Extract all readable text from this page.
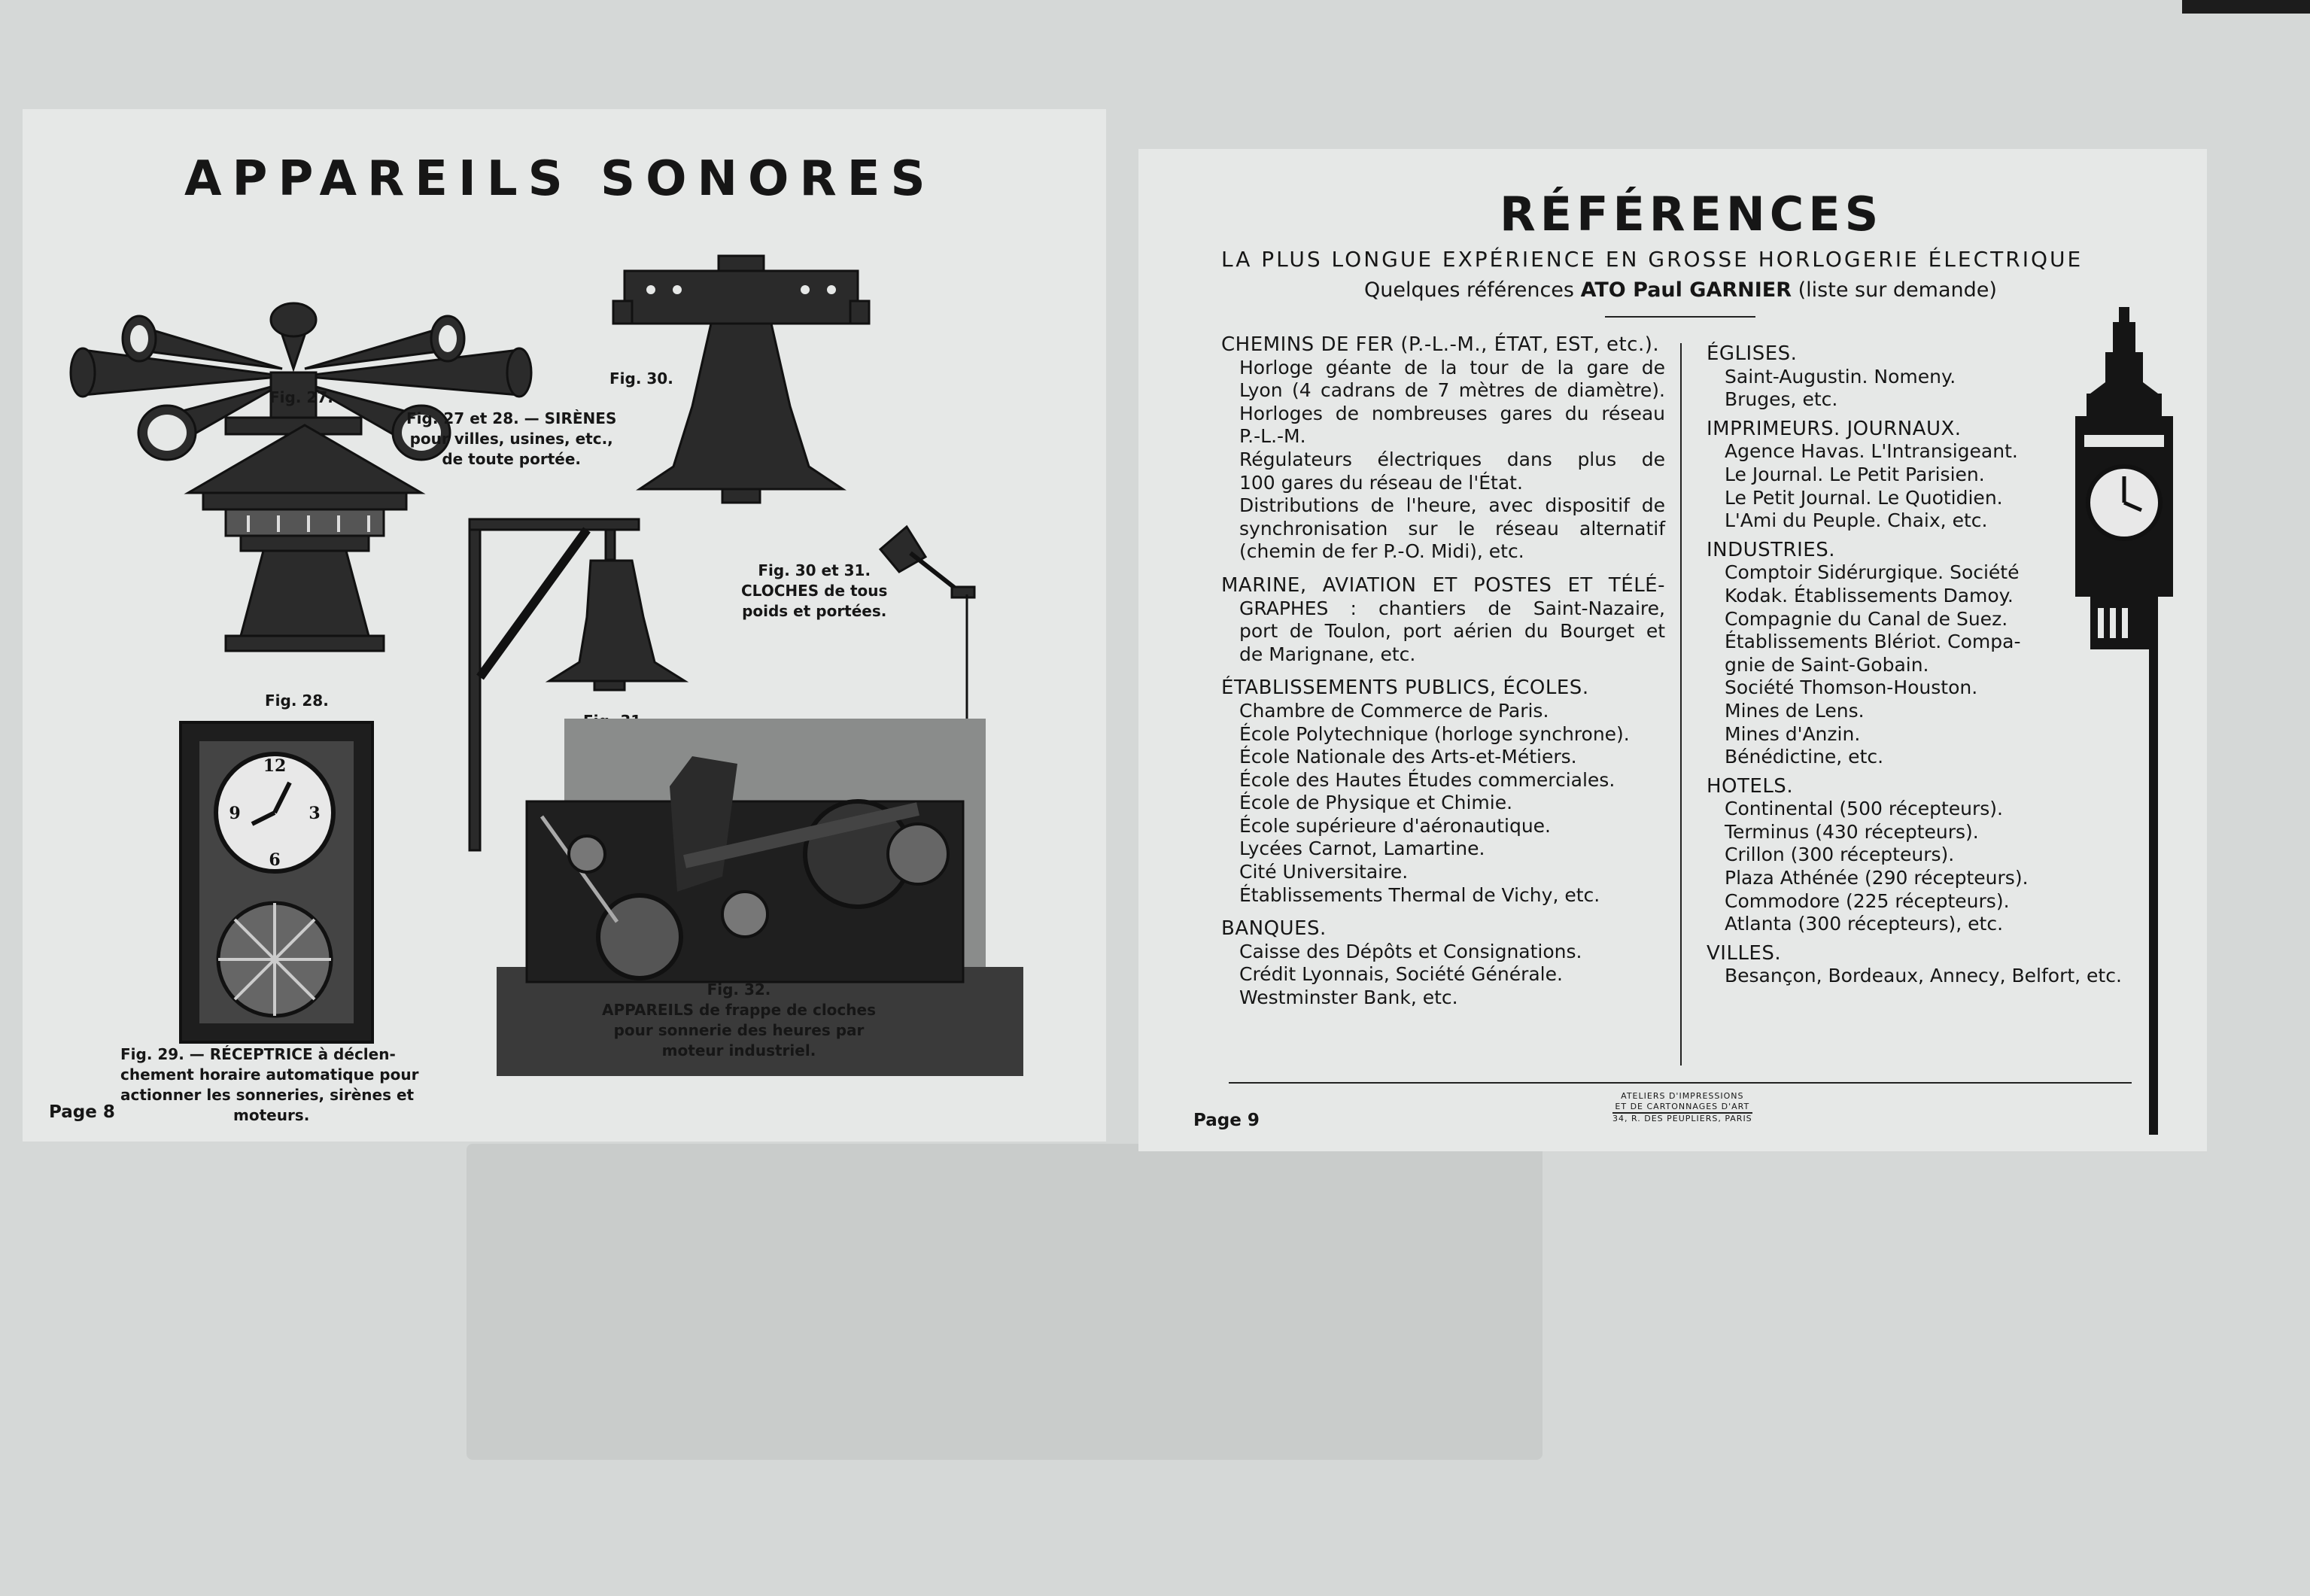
APPAREILS SONORES
Fig. 27.
Fig. 27 et 28. — SIRÈNES
pour villes, usines, etc.,
de toute portée.
Fig. 28.
12
3
6
9
Fig. 29. — RÉCEPTRICE à déclen-
chement horaire automatique pour
actionner les sonneries, sirènes et
moteurs.
Fig. 30.
Fig. 30 et 31.
CLOCHES de tous
poids et portées.
Fig. 32.
APPAREILS de frappe de cloches
pour sonnerie des heures par
moteur industriel.
Page 8
RÉFÉRENCES
LA PLUS LONGUE EXPÉRIENCE EN GROSSE HORLOGERIE ÉLECTRIQUE
Quelques références ATO Paul GARNIER (liste sur demande)
CHEMINS DE FER (P.-L.-M., ÉTAT, EST, etc.).
Horloge géante de la tour de la gare de
Lyon (4 cadrans de 7 mètres de diamètre).
Horloges de nombreuses gares du réseau
P.-L.-M.
Régulateurs électriques dans plus de
100 gares du réseau de l'État.
Distributions de l'heure, avec dispositif de
synchronisation sur le réseau alternatif
(chemin de fer P.-O. Midi), etc.
MARINE, AVIATION ET POSTES ET TÉLÉ-
GRAPHES : chantiers de Saint-Nazaire,
port de Toulon, port aérien du Bourget et
de Marignane, etc.
ÉTABLISSEMENTS PUBLICS, ÉCOLES.
Chambre de Commerce de Paris.
École Polytechnique (horloge synchrone).
École Nationale des Arts-et-Métiers.
École des Hautes Études commerciales.
École de Physique et Chimie.
École supérieure d'aéronautique.
Lycées Carnot, Lamartine.
Cité Universitaire.
Établissements Thermal de Vichy, etc.
BANQUES.
Caisse des Dépôts et Consignations.
Crédit Lyonnais, Société Générale.
Westminster Bank, etc.
ÉGLISES.
Saint-Augustin. Nomeny.
Bruges, etc.
IMPRIMEURS. JOURNAUX.
Agence Havas. L'Intransigeant.
Le Journal. Le Petit Parisien.
Le Petit Journal. Le Quotidien.
L'Ami du Peuple. Chaix, etc.
INDUSTRIES.
Comptoir Sidérurgique. Société
Kodak. Établissements Damoy.
Compagnie du Canal de Suez.
Établissements Blériot. Compa-
gnie de Saint-Gobain.
Société Thomson-Houston.
Mines de Lens.
Mines d'Anzin.
Bénédictine, etc.
HOTELS.
Continental (500 récepteurs).
Terminus (430 récepteurs).
Crillon (300 récepteurs).
Plaza Athénée (290 récepteurs).
Commodore (225 récepteurs).
Atlanta (300 récepteurs), etc.
VILLES.
Besançon, Bordeaux, Annecy, Belfort, etc.
Page 9
ATELIERS D'IMPRESSIONS
ET DE CARTONNAGES D'ART
34, R. DES PEUPLIERS, PARIS
